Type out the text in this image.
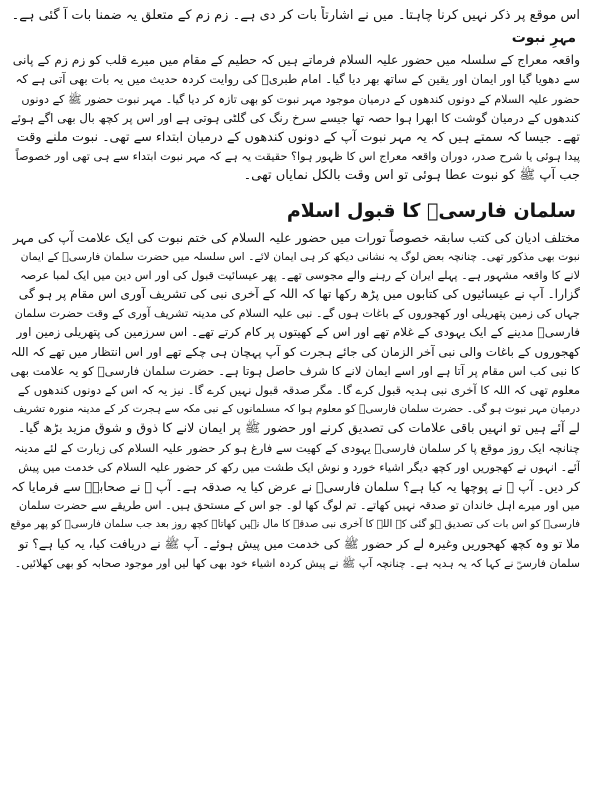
اس موقع پر ذکر نہیں کرنا چاہتا۔ میں نے اشارتاً بات کر دی ہے۔ زم زم کے متعلق یہ ضمنا بات آ گئی ہے۔
مہرِ نبوت
واقعہ معراج کے سلسلہ میں حضور علیہ السلام فرماتے ہیں کہ حطیم کے مقام میں میرے قلب کو زم زم کے پانی
سے دھویا گیا اور ایمان اور یقین کے ساتھ بھر دیا گیا۔ امام طبریؒ کی روایت کردہ حدیث میں یہ بات بھی آتی ہے کہ
حضور علیہ السلام کے دونوں کندھوں کے درمیان موجود مہر نبوت کو بھی تازہ کر دیا گیا۔ مہر نبوت حضور ﷺ کے دونوں
کندھوں کے درمیان گوشت کا ابھرا ہوا حصہ تھا جیسے سرخ رنگ کی گلٹی ہوتی ہے اور اس پر کچھ بال بھی اگے ہوئے
تھے۔ جیسا کہ سمتے ہیں کہ یہ مہر نبوت آپ کے دونوں کندھوں کے درمیان ابتداء سے تھی۔ نبوت ملنے وقت
پیدا ہوئی یا شرح صدر، دوران واقعہ معراج اس کا ظہور ہوا؟ حقیقت یہ ہے کہ مہر نبوت ابتداء سے ہی تھی اور خصوصاً
جب آپ ﷺ کو نبوت عطا ہوئی تو اس وقت بالکل نمایاں تھی۔
سلمان فارسیؓ کا قبول اسلام
مختلف ادیان کی کتب سابقہ خصوصاً تورات میں حضور علیہ السلام کی ختم نبوت کی ایک علامت آپ کی مہر
نبوت بھی مذکور تھی۔ چنانچہ بعض لوگ یہ نشانی دیکھ کر ہی ایمان لائے۔ اس سلسلہ میں حضرت سلمان فارسیؓ کے ایمان
لانے کا واقعہ مشہور ہے۔ پہلے ایران کے رہنے والے مجوسی تھے۔ پھر عیسائیت قبول کی اور اس دین میں ایک لمبا عرصہ
گزارا۔ آپ نے عیسائیوں کی کتابوں میں پڑھ رکھا تھا کہ اللہ کے آخری نبی کی تشریف آوری اس مقام پر ہو گی
جہاں کی زمین پتھریلی اور کھجوروں کے باغات ہوں گے۔ نبی علیہ السلام کی مدینہ تشریف آوری کے وقت حضرت سلمان
فارسیؓ مدینے کے ایک یہودی کے غلام تھے اور اس کے کھیتوں پر کام کرتے تھے۔ اس سرزمین کی پتھریلی زمین اور
کھجوروں کے باغات والی نبی آخر الزمان کی جائے ہجرت کو آپ پہچان ہی چکے تھے اور اس انتظار میں تھے کہ اللہ
کا نبی کب اس مقام پر آتا ہے اور اسے ایمان لانے کا شرف حاصل ہوتا ہے۔ حضرت سلمان فارسیؓ کو یہ علامت بھی
معلوم تھی کہ اللہ کا آخری نبی ہدیہ قبول کرے گا۔ مگر صدقہ قبول نہیں کرے گا۔ نیز یہ کہ اس کے دونوں کندھوں کے
درمیان مہر نبوت ہو گی۔ حضرت سلمان فارسیؓ کو معلوم ہوا کہ مسلمانوں کے نبی مکہ سے ہجرت کر کے مدینہ منورہ تشریف
لے آئے ہیں تو انہیں باقی علامات کی تصدیق کرنے اور حضور ﷺ پر ایمان لانے کا ذوق و شوق مزید بڑھ گیا۔
چنانچہ ایک روز موقع پا کر سلمان فارسیؓ یہودی کے کھیت سے فارغ ہو کر حضور علیہ السلام کی زیارت کے لئے مدینہ
آئے۔ انہوں نے کھجوریں اور کچھ دیگر اشیاء خورد و نوش ایک طشت میں رکھ کر حضور علیہ السلام کی خدمت میں پیش
کر دیں۔ آپ ﷺ نے پوچھا یہ کیا ہے؟ سلمان فارسیؓ نے عرض کیا یہ صدقہ ہے۔ آپ ﷺ نے صحابہؓ سے فرمایا کہ
میں اور میرے اہل خاندان تو صدقہ نہیں کھاتے۔ تم لوگ کھا لو۔ جو اس کے مستحق ہیں۔ اس طریقے سے حضرت سلمان
فارسیؓ کو اس بات کی تصدیق ہو گئی کہ اللہ کا آخری نبی صدقہ کا مال نہیں کھاتا۔ کچھ روز بعد جب سلمان فارسیؓ کو پھر موقع
ملا تو وہ کچھ کھجوریں وغیرہ لے کر حضور ﷺ کی خدمت میں پیش ہوئے۔ آپ ﷺ نے دریافت کیا، یہ کیا ہے؟ تو
سلمان فارسیؓ نے کہا کہ یہ ہدیہ ہے۔ چنانچہ آپ ﷺ نے پیش کردہ اشیاء خود بھی کھا لیں اور موجود صحابہ کو بھی کھلائیں۔
